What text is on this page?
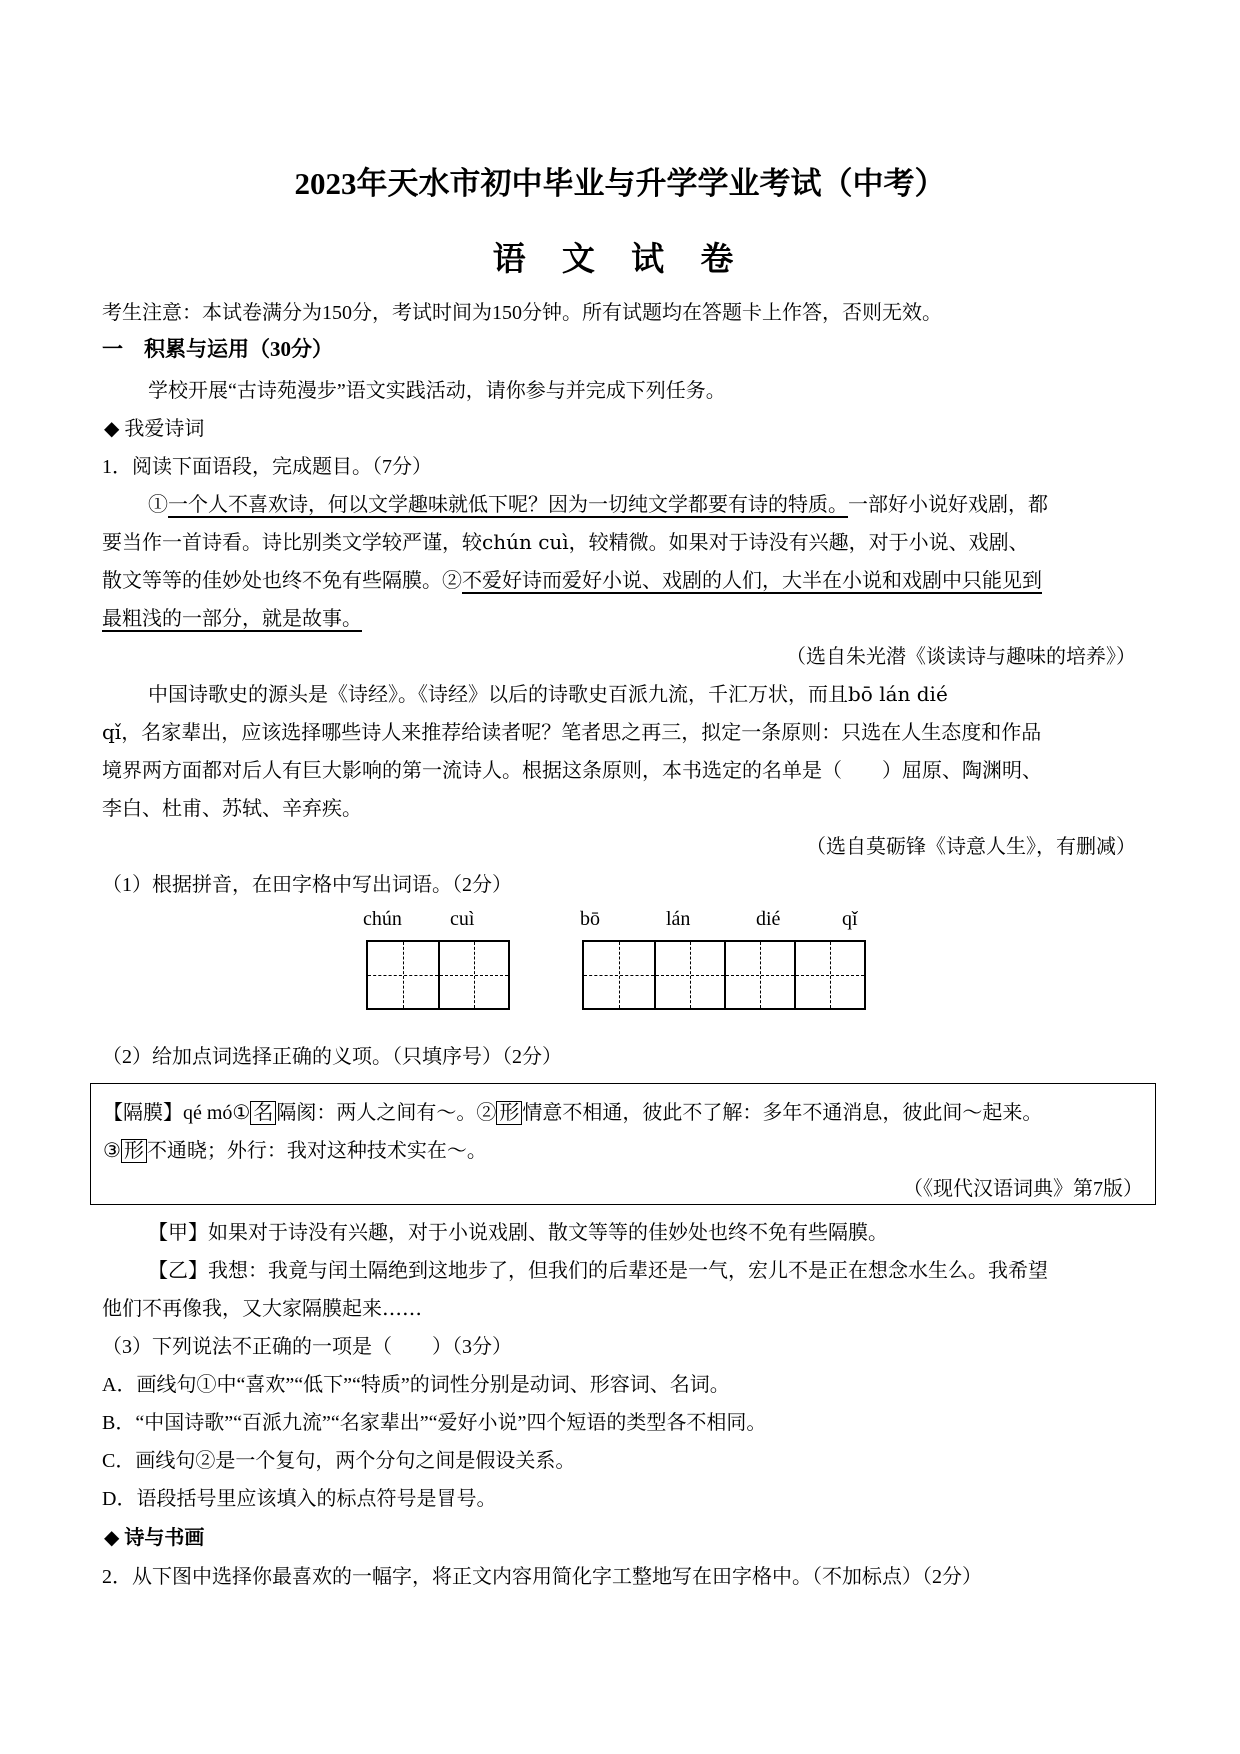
2023年天水市初中毕业与升学学业考试（中考）
语 文 试 卷
考生注意：本试卷满分为150分，考试时间为150分钟。所有试题均在答题卡上作答，否则无效。
一　积累与运用（30分）
学校开展“古诗苑漫步”语文实践活动，请你参与并完成下列任务。
◆ 我爱诗词
1．阅读下面语段，完成题目。（7分）
①一个人不喜欢诗，何以文学趣味就低下呢？因为一切纯文学都要有诗的特质。一部好小说好戏剧，都
要当作一首诗看。诗比别类文学较严谨，较chún cuì，较精微。如果对于诗没有兴趣，对于小说、戏剧、
散文等等的佳妙处也终不免有些隔膜。②不爱好诗而爱好小说、戏剧的人们，大半在小说和戏剧中只能见到
最粗浅的一部分，就是故事。
（选自朱光潜《谈读诗与趣味的培养》）
中国诗歌史的源头是《诗经》。《诗经》以后的诗歌史百派九流，千汇万状，而且bō lán dié
qǐ，名家辈出，应该选择哪些诗人来推荐给读者呢？笔者思之再三，拟定一条原则：只选在人生态度和作品
境界两方面都对后人有巨大影响的第一流诗人。根据这条原则，本书选定的名单是（　　）屈原、陶渊明、
李白、杜甫、苏轼、辛弃疾。
（选自莫砺锋《诗意人生》，有删减）
（1）根据拼音，在田字格中写出词语。（2分）
chún cuì	bō	lán	dié	qǐ
（2）给加点词选择正确的义项。（只填序号）（2分）
【隔膜】qé mó① 名 隔阂：两人之间有～。② 形 情意不相通，彼此不了解：多年不通消息，彼此间～起来。
③ 形 不通晓；外行：我对这种技术实在～。
（《现代汉语词典》第7版）
【甲】如果对于诗没有兴趣，对于小说戏剧、散文等等的佳妙处也终不免有些隔膜。
【乙】我想：我竟与闰土隔绝到这地步了，但我们的后辈还是一气，宏儿不是正在想念水生么。我希望
他们不再像我，又大家隔膜起来……
（3）下列说法不正确的一项是（　　）（3分）
A．画线句①中“喜欢”“低下”“特质”的词性分别是动词、形容词、名词。
B．“中国诗歌”“百派九流”“名家辈出”“爱好小说”四个短语的类型各不相同。
C．画线句②是一个复句，两个分句之间是假设关系。
D．语段括号里应该填入的标点符号是冒号。
◆ 诗与书画
2．从下图中选择你最喜欢的一幅字，将正文内容用简化字工整地写在田字格中。（不加标点）（2分）
